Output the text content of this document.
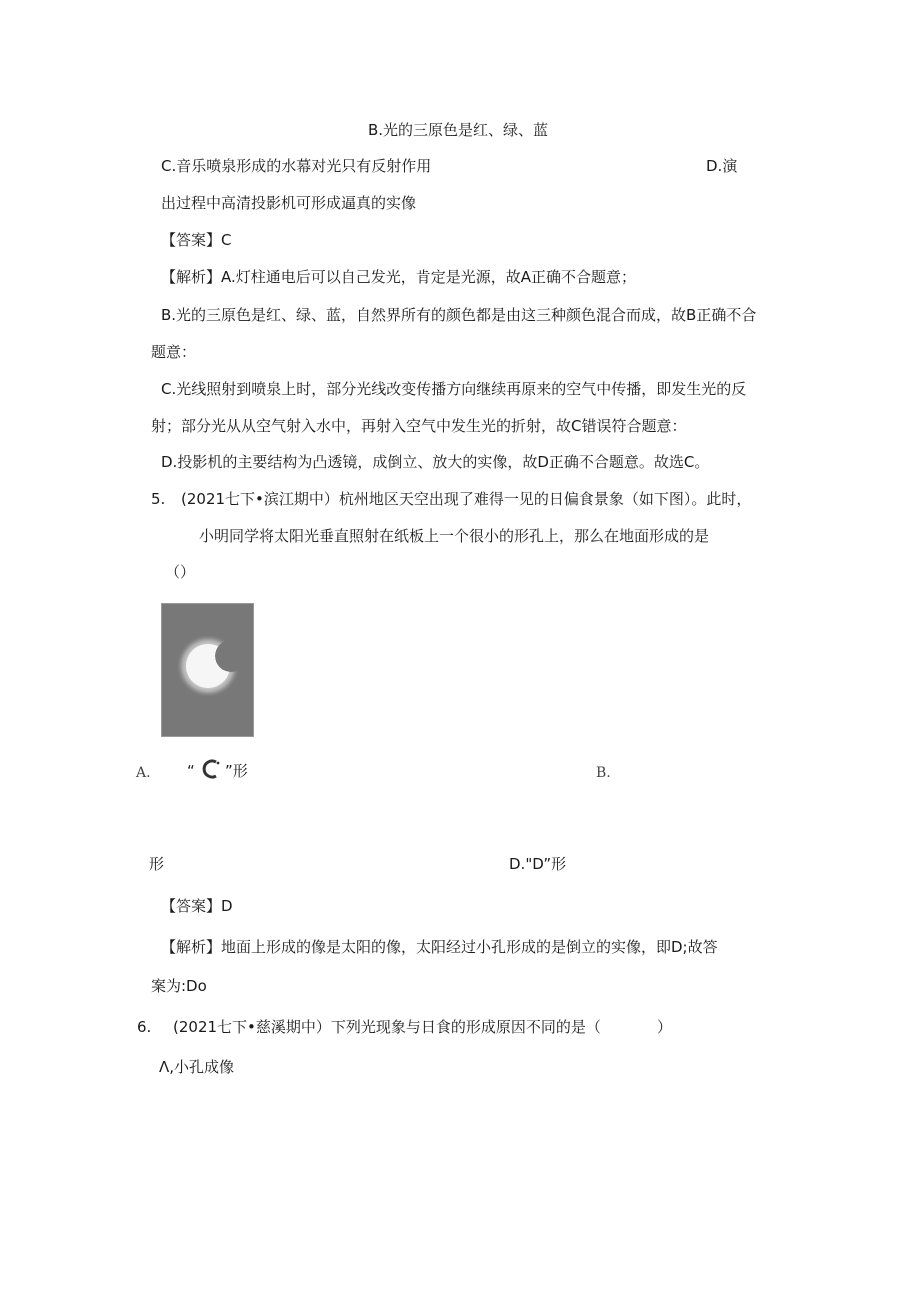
B.光的三原色是红、绿、蓝
C.音乐喷泉形成的水幕对光只有反射作用	D.演
出过程中高清投影机可形成逼真的实像
【答案】C
【解析】A.灯柱通电后可以自己发光，肯定是光源，故A正确不合题意；
B.光的三原色是红、绿、蓝，自然界所有的颜色都是由这三种颜色混合而成，故B正确不合
题意：
C.光线照射到喷泉上时，部分光线改变传播方向继续再原来的空气中传播，即发生光的反
射；部分光从从空气射入水中，再射入空气中发生光的折射，故C错误符合题意：
D.投影机的主要结构为凸透镜，成倒立、放大的实像，故D正确不合题意。故选C。
5. (2021七下•滨江期中）杭州地区天空出现了难得一见的日偏食景象（如下图）。此时，
小明同学将太阳光垂直照射在纸板上一个很小的形孔上，那么在地面形成的是
（）
A. “ ”形	B.
形	D."D”形
【答案】D
【解析】地面上形成的像是太阳的像，太阳经过小孔形成的是倒立的实像，即D;故答
案为:Do
6. (2021七下•慈溪期中）下列光现象与日食的形成原因不同的是（	）
Λ,小孔成像
